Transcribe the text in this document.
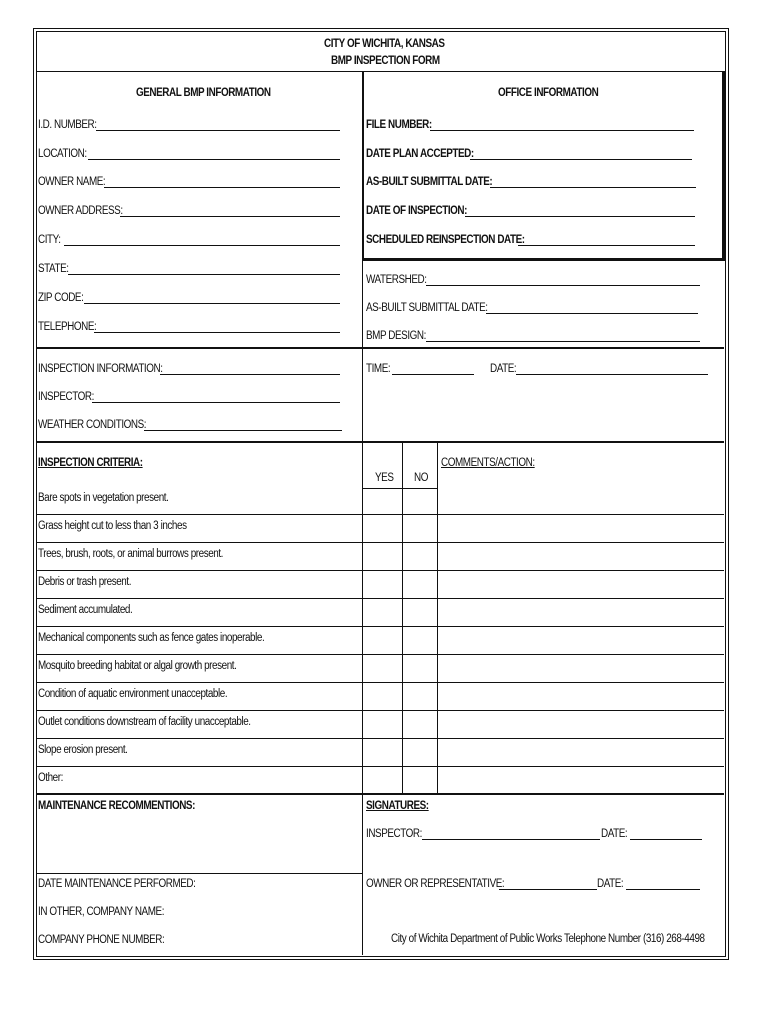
CITY OF WICHITA, KANSAS
BMP INSPECTION FORM
GENERAL BMP INFORMATION	OFFICE INFORMATION
I.D. NUMBER:
LOCATION:
OWNER NAME:
OWNER ADDRESS:
CITY:
STATE:
ZIP CODE:
TELEPHONE:
FILE NUMBER:
DATE PLAN ACCEPTED:
AS-BUILT SUBMITTAL DATE:
DATE OF INSPECTION:
SCHEDULED REINSPECTION DATE:
WATERSHED:
AS-BUILT SUBMITTAL DATE:
BMP DESIGN:
INSPECTION INFORMATION:
INSPECTOR:
WEATHER CONDITIONS:
TIME:	DATE:
INSPECTION CRITERIA:
YES NO
COMMENTS/ACTION:
Bare spots in vegetation present.
Grass height cut to less than 3 inches
Trees, brush, roots, or animal burrows present.
Debris or trash present.
Sediment accumulated.
Mechanical components such as fence gates inoperable.
Mosquito breeding habitat or algal growth present.
Condition of aquatic environment unacceptable.
Outlet conditions downstream of facility unacceptable.
Slope erosion present.
Other:
MAINTENANCE RECOMMENTIONS:
DATE MAINTENANCE PERFORMED:
IN OTHER, COMPANY NAME:
COMPANY PHONE NUMBER:
SIGNATURES:
INSPECTOR:	DATE:
OWNER OR REPRESENTATIVE:	DATE:
City of Wichita Department of Public Works Telephone Number (316) 268-4498
